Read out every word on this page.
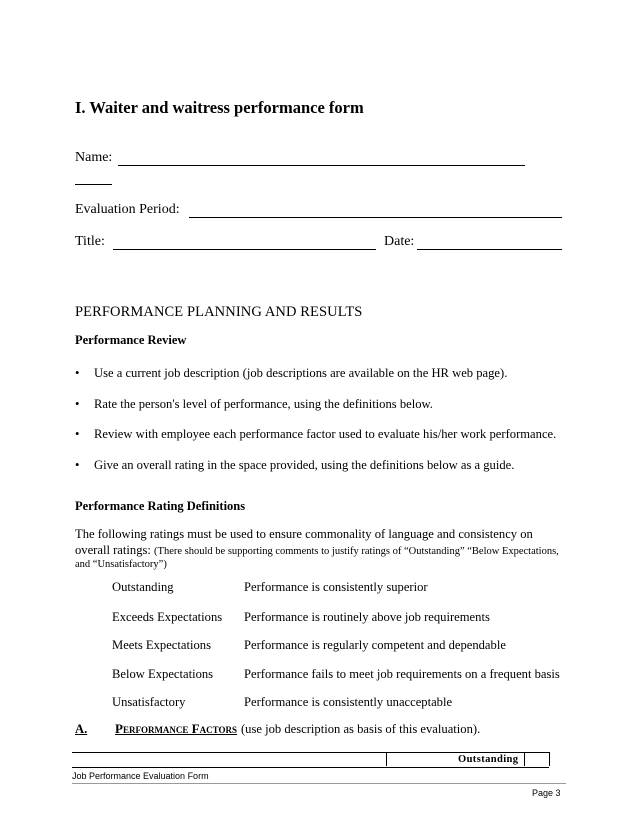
I. Waiter and waitress performance form
Name:
Evaluation Period:
Title:	Date:
PERFORMANCE PLANNING AND RESULTS
Performance Review
• Use a current job description (job descriptions are available on the HR web page).
• Rate the person's level of performance, using the definitions below.
• Review with employee each performance factor used to evaluate his/her work performance.
• Give an overall rating in the space provided, using the definitions below as a guide.
Performance Rating Definitions
The following ratings must be used to ensure commonality of language and consistency on
overall ratings: (There should be supporting comments to justify ratings of “Outstanding” “Below Expectations,
and “Unsatisfactory”)
Outstanding	Performance is consistently superior
Exceeds Expectations Performance is routinely above job requirements
Meets Expectations	Performance is regularly competent and dependable
Below Expectations Performance fails to meet job requirements on a frequent basis
Unsatisfactory	Performance is consistently unacceptable
A. Performance Factors (use job description as basis of this evaluation).
Outstanding
Job Performance Evaluation Form
Page 3
